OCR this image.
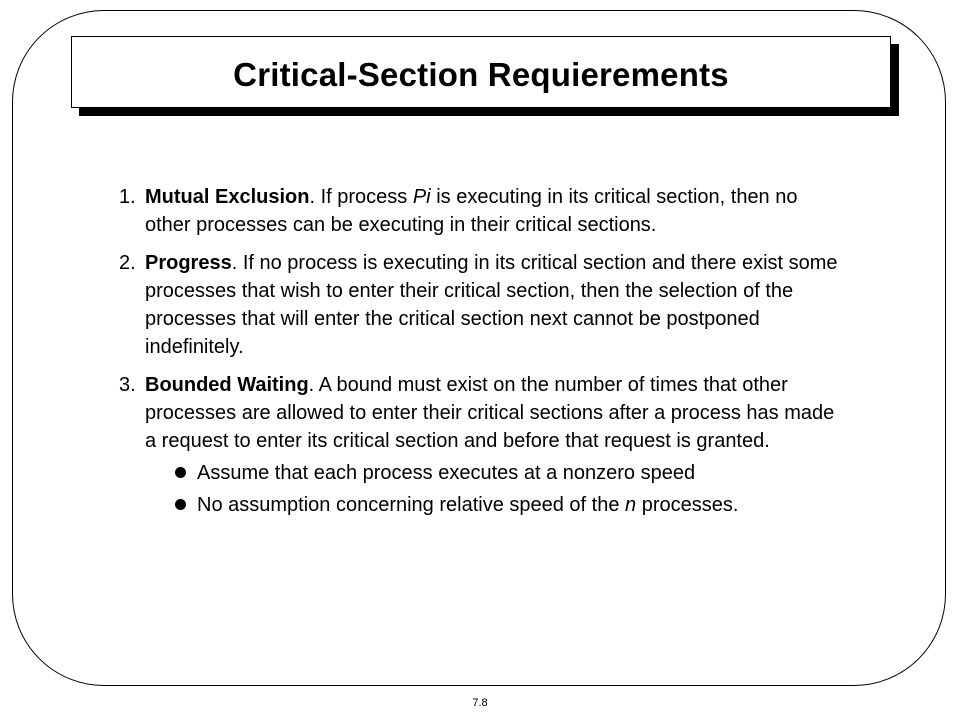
Critical-Section Requierements
1. Mutual Exclusion. If process Pi is executing in its critical section, then no other processes can be executing in their critical sections.
2. Progress. If no process is executing in its critical section and there exist some processes that wish to enter their critical section, then the selection of the processes that will enter the critical section next cannot be postponed indefinitely.
3. Bounded Waiting. A bound must exist on the number of times that other processes are allowed to enter their critical sections after a process has made a request to enter its critical section and before that request is granted.
Assume that each process executes at a nonzero speed
No assumption concerning relative speed of the n processes.
7.8
